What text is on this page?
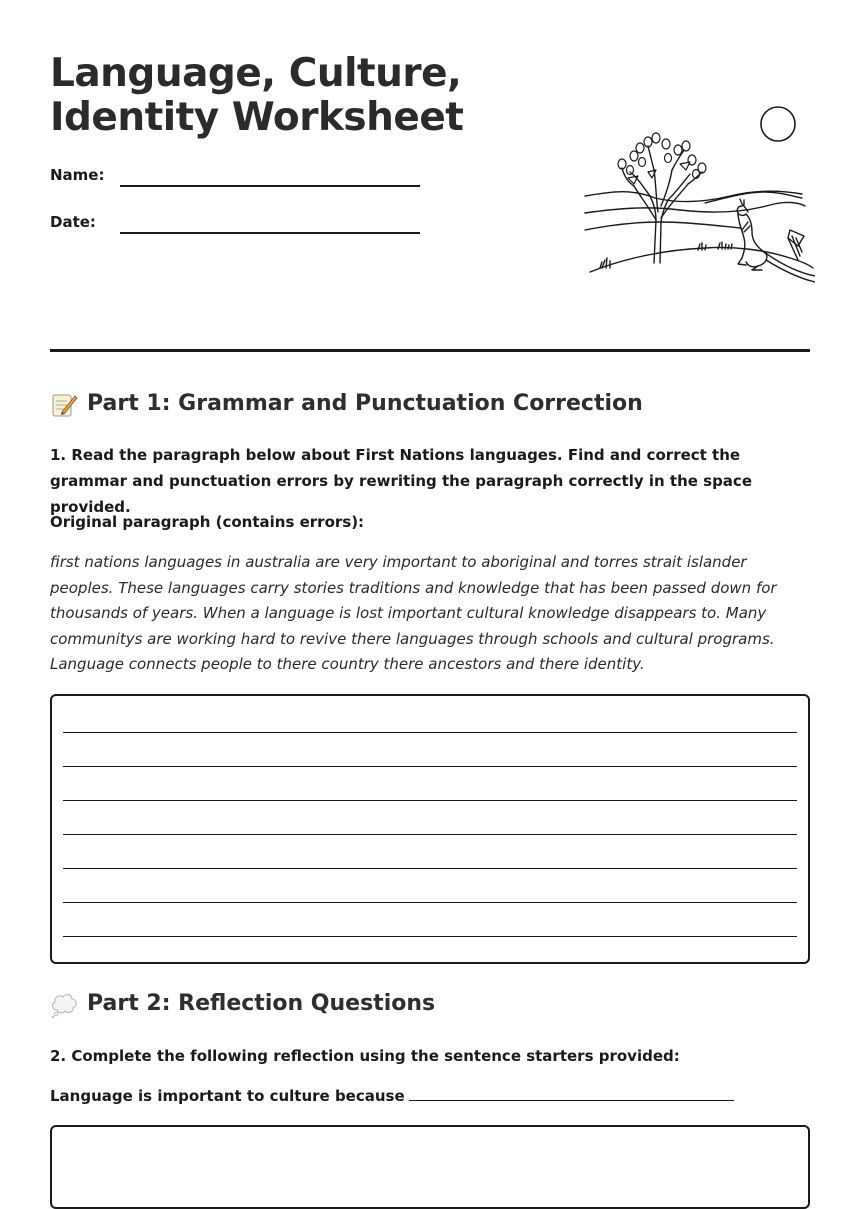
Language, Culture, Identity Worksheet
Name:
Date:
Part 1: Grammar and Punctuation Correction

1. Read the paragraph below about First Nations languages. Find and correct the grammar and punctuation errors by rewriting the paragraph correctly in the space provided.

Original paragraph (contains errors):

first nations languages in australia are very important to aboriginal and torres strait islander peoples. These languages carry stories traditions and knowledge that has been passed down for thousands of years. When a language is lost important cultural knowledge disappears to. Many communitys are working hard to revive there languages through schools and cultural programs. Language connects people to there country there ancestors and there identity.

Part 2: Reflection Questions

2. Complete the following reflection using the sentence starters provided:

Language is important to culture because
